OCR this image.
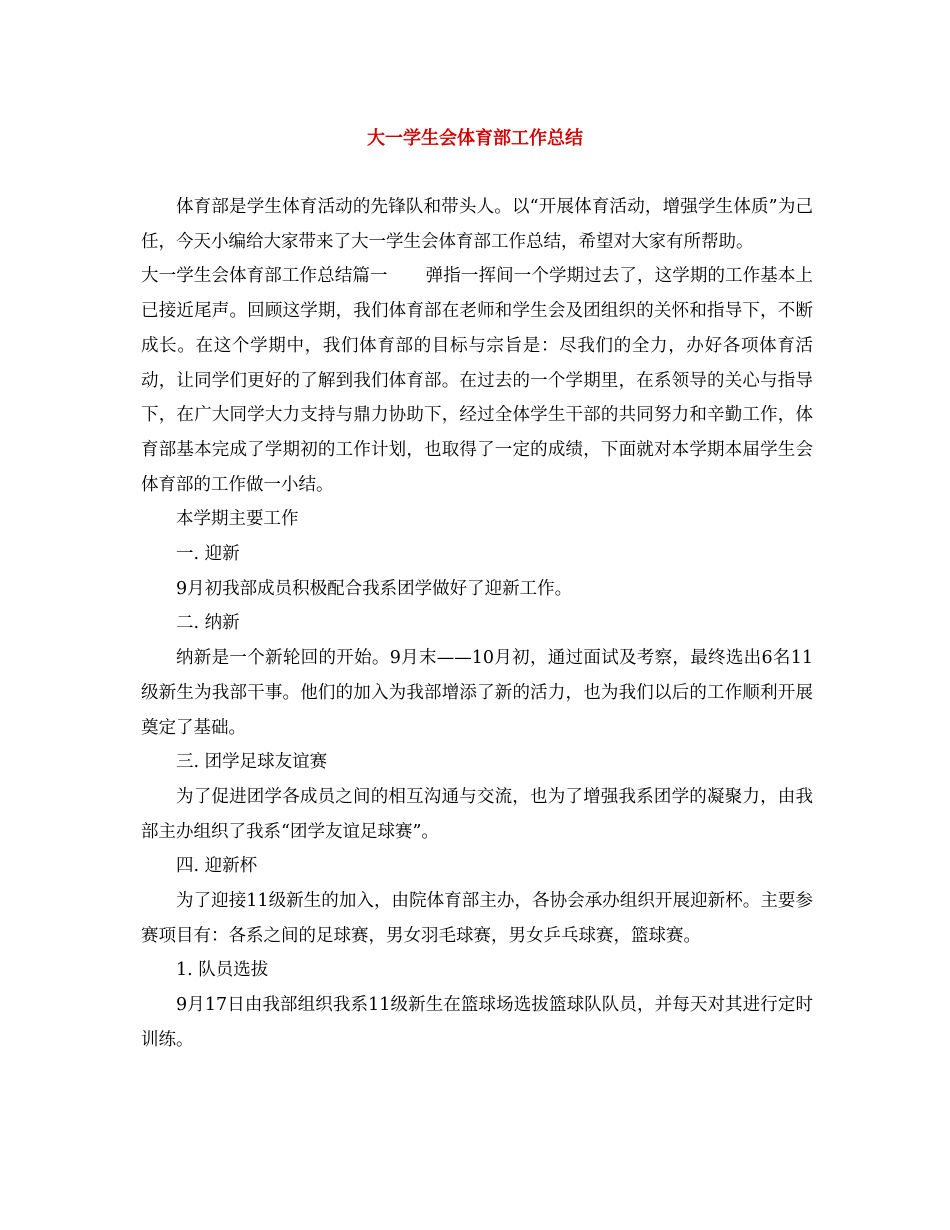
大一学生会体育部工作总结

体育部是学生体育活动的先锋队和带头人。以“开展体育活动，增强学生体质”为己任，今天小编给大家带来了大一学生会体育部工作总结，希望对大家有所帮助。

大一学生会体育部工作总结篇一 弹指一挥间一个学期过去了，这学期的工作基本上已接近尾声。回顾这学期，我们体育部在老师和学生会及团组织的关怀和指导下，不断成长。在这个学期中，我们体育部的目标与宗旨是：尽我们的全力，办好各项体育活动，让同学们更好的了解到我们体育部。在过去的一个学期里，在系领导的关心与指导下，在广大同学大力支持与鼎力协助下，经过全体学生干部的共同努力和辛勤工作，体育部基本完成了学期初的工作计划，也取得了一定的成绩，下面就对本学期本届学生会体育部的工作做一小结。

本学期主要工作

一. 迎新

9月初我部成员积极配合我系团学做好了迎新工作。

二. 纳新

纳新是一个新轮回的开始。9月末——10月初，通过面试及考察，最终选出6名11级新生为我部干事。他们的加入为我部增添了新的活力，也为我们以后的工作顺利开展奠定了基础。

三. 团学足球友谊赛

为了促进团学各成员之间的相互沟通与交流，也为了增强我系团学的凝聚力，由我部主办组织了我系“团学友谊足球赛”。

四. 迎新杯

为了迎接11级新生的加入，由院体育部主办，各协会承办组织开展迎新杯。主要参赛项目有：各系之间的足球赛，男女羽毛球赛，男女乒乓球赛，篮球赛。

1. 队员选拔

9月17日由我部组织我系11级新生在篮球场选拔篮球队队员，并每天对其进行定时训练。
